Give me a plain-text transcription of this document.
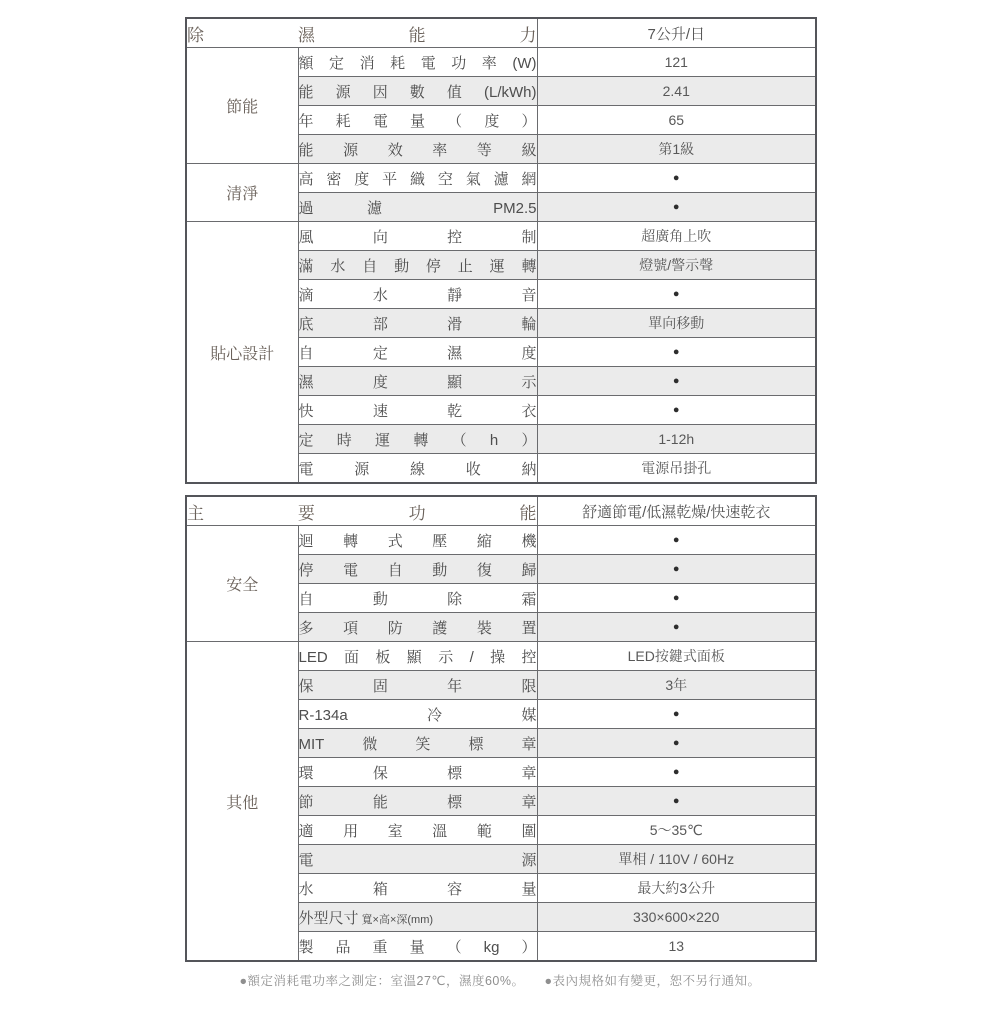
除濕能力		7公升/日
節能	額定消耗電功率(W)	121
	能源因數值(L/kWh)	2.41
	年耗電量（度）	65
	能源效率等級	第1級
清淨	高密度平織空氣濾網	●
	過濾 PM2.5	●
貼心設計	風向控制	超廣角上吹
	滿水自動停止運轉	燈號/警示聲
	滴水靜音	●
	底部滑輪	單向移動
	自定濕度	●
	濕度顯示	●
	快速乾衣	●
	定時運轉（h）	1-12h
	電源線收納	電源吊掛孔
主要功能		舒適節電/低濕乾燥/快速乾衣
安全	迴轉式壓縮機	●
	停電自動復歸	●
	自動除霜	●
	多項防護裝置	●
其他	LED面板顯示/操控	LED按鍵式面板
	保固年限	3年
	R-134a冷媒	●
	MIT微笑標章	●
	環保標章	●
	節能標章	●
	適用室溫範圍	5～35℃
	電源	單相 / 110V / 60Hz
	水箱容量	最大約3公升
	外型尺寸 寬×高×深(mm)	330×600×220
	製品重量（kg）	13
●額定消耗電功率之測定：室溫27℃，濕度60%。 ●表內規格如有變更，恕不另行通知。
